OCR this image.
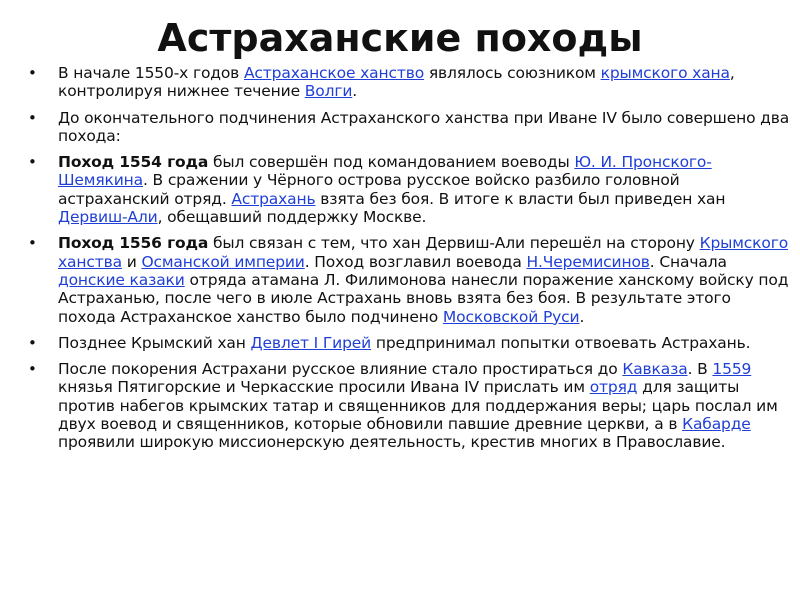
Астраханские походы
• В начале 1550-х годов Астраханское ханство являлось союзником крымского хана, контролируя нижнее течение Волги.
• До окончательного подчинения Астраханского ханства при Иване IV было совершено два похода:
• Поход 1554 года был совершён под командованием воеводы Ю. И. Пронского-Шемякина. В сражении у Чёрного острова русское войско разбило головной астраханский отряд. Астрахань взята без боя. В итоге к власти был приведен хан Дервиш-Али, обещавший поддержку Москве.
• Поход 1556 года был связан с тем, что хан Дервиш-Али перешёл на сторону Крымского ханства и Османской империи. Поход возглавил воевода Н.Черемисинов. Сначала донские казаки отряда атамана Л. Филимонова нанесли поражение ханскому войску под Астраханью, после чего в июле Астрахань вновь взята без боя. В результате этого похода Астраханское ханство было подчинено Московской Руси.
• Позднее Крымский хан Девлет I Гирей предпринимал попытки отвоевать Астрахань.
• После покорения Астрахани русское влияние стало простираться до Кавказа. В 1559 князья Пятигорские и Черкасские просили Ивана IV прислать им отряд для защиты против набегов крымских татар и священников для поддержания веры; царь послал им двух воевод и священников, которые обновили павшие древние церкви, а в Кабарде проявили широкую миссионерскую деятельность, крестив многих в Православие.
